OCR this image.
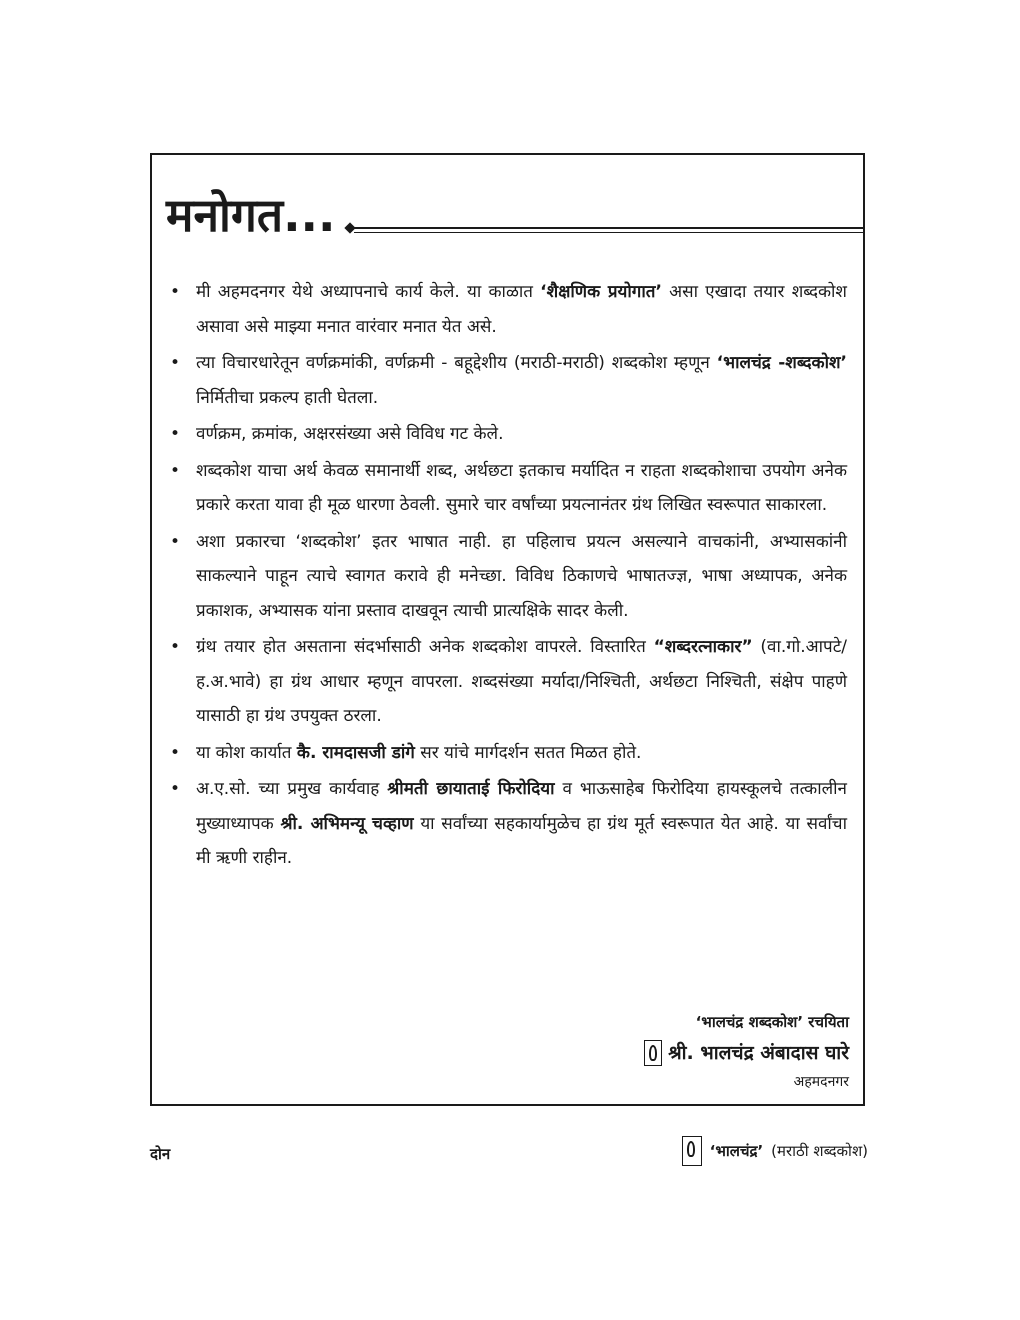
मनोगत...
• मी अहमदनगर येथे अध्यापनाचे कार्य केले. या काळात ‘शैक्षणिक प्रयोगात’ असा एखादा तयार शब्दकोश असावा असे माझ्या मनात वारंवार मनात येत असे.
• त्या विचारधारेतून वर्णक्रमांकी, वर्णक्रमी - बहूद्देशीय (मराठी-मराठी) शब्दकोश म्हणून ‘भालचंद्र -शब्दकोश’ निर्मितीचा प्रकल्प हाती घेतला.
• वर्णक्रम, क्रमांक, अक्षरसंख्या असे विविध गट केले.
• शब्दकोश याचा अर्थ केवळ समानार्थी शब्द, अर्थछटा इतकाच मर्यादित न राहता शब्दकोशाचा उपयोग अनेक प्रकारे करता यावा ही मूळ धारणा ठेवली. सुमारे चार वर्षांच्या प्रयत्नानंतर ग्रंथ लिखित स्वरूपात साकारला.
• अशा प्रकारचा ‘शब्दकोश’ इतर भाषात नाही. हा पहिलाच प्रयत्न असल्याने वाचकांनी, अभ्यासकांनी साकल्याने पाहून त्याचे स्वागत करावे ही मनेच्छा. विविध ठिकाणचे भाषातज्ज्ञ, भाषा अध्यापक, अनेक प्रकाशक, अभ्यासक यांना प्रस्ताव दाखवून त्याची प्रात्यक्षिके सादर केली.
• ग्रंथ तयार होत असताना संदर्भासाठी अनेक शब्दकोश वापरले. विस्तारित “शब्दरत्नाकार” (वा.गो.आपटे/ह.अ.भावे) हा ग्रंथ आधार म्हणून वापरला. शब्दसंख्या मर्यादा/निश्चिती, अर्थछटा निश्चिती, संक्षेप पाहणे यासाठी हा ग्रंथ उपयुक्त ठरला.
• या कोश कार्यात कै. रामदासजी डांगे सर यांचे मार्गदर्शन सतत मिळत होते.
• अ.ए.सो. च्या प्रमुख कार्यवाह श्रीमती छायाताई फिरोदिया व भाऊसाहेब फिरोदिया हायस्कूलचे तत्कालीन मुख्याध्यापक श्री. अभिमन्यू चव्हाण या सर्वांच्या सहकार्यामुळेच हा ग्रंथ मूर्त स्वरूपात येत आहे. या सर्वांचा मी ऋणी राहीन.
‘भालचंद्र शब्दकोश’ रचयिता
श्री. भालचंद्र अंबादास घारे
अहमदनगर
दोन	‘भालचंद्र’ (मराठी शब्दकोश)
